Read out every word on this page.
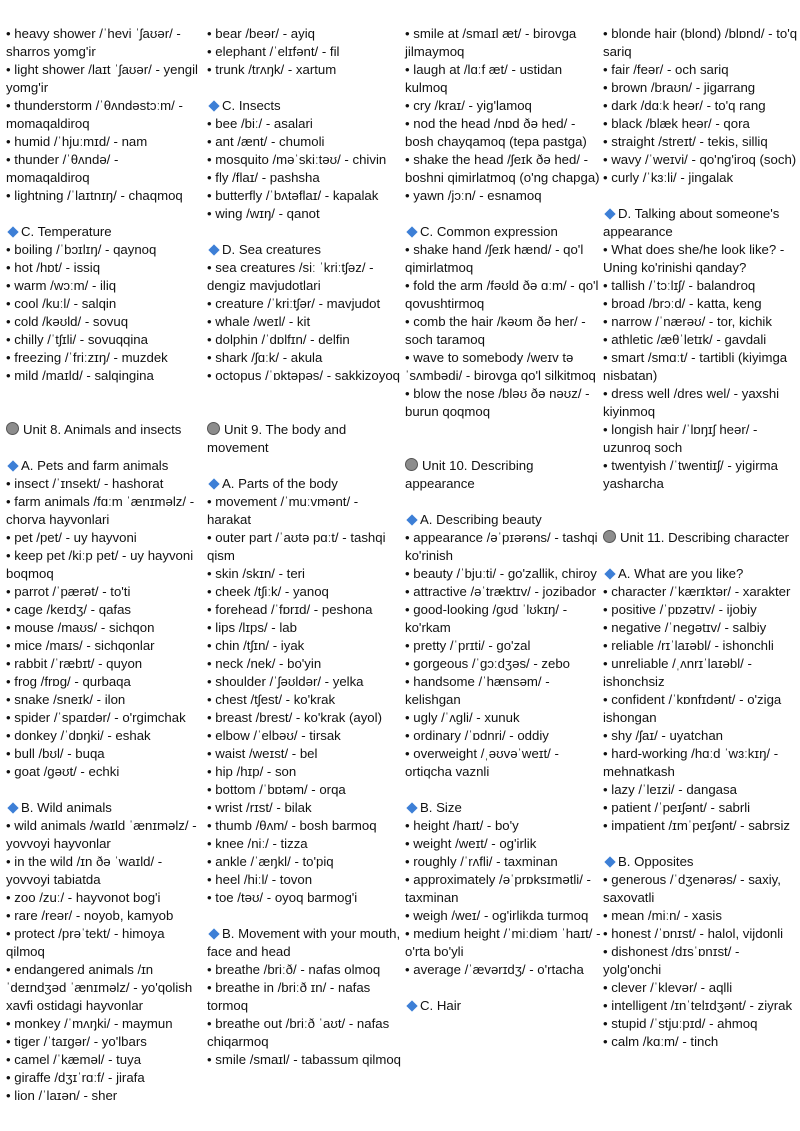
• heavy shower /ˈhevi ˈʃaʊər/ - sharros yomg'ir
• light shower /laɪt ˈʃaʊər/ - yengil yomg'ir
• thunderstorm /ˈθʌndəstɔːm/ - momaqaldiroq
• humid /ˈhjuːmɪd/ - nam
• thunder /ˈθʌndə/ - momaqaldiroq
• lightning /ˈlaɪtnɪŋ/ - chaqmoq
C. Temperature
• boiling /ˈbɔɪlɪŋ/ - qaynoq
• hot /hɒt/ - issiq
• warm /wɔːm/ - iliq
• cool /kuːl/ - salqin
• cold /kəʊld/ - sovuq
• chilly /ˈtʃɪli/ - sovuqqina
• freezing /ˈfriːzɪŋ/ - muzdek
• mild /maɪld/ - salqingina
Unit 8. Animals and insects
A. Pets and farm animals
• insect /ˈɪnsekt/ - hashorat
• farm animals /fɑːm ˈænɪməlz/ - chorva hayvonlari
• pet /pet/ - uy hayvoni
• keep pet /kiːp pet/ - uy hayvoni boqmoq
• parrot /ˈpærət/ - to'ti
• cage /keɪdʒ/ - qafas
• mouse /maʊs/ - sichqon
• mice /maɪs/ - sichqonlar
• rabbit /ˈræbɪt/ - quyon
• frog /frɒg/ - qurbaqa
• snake /sneɪk/ - ilon
• spider /ˈspaɪdər/ - o'rgimchak
• donkey /ˈdɒŋki/ - eshak
• bull /bʊl/ - buqa
• goat /gəʊt/ - echki
B. Wild animals
• wild animals /waɪld ˈænɪməlz/ - yovvoyi hayvonlar
• in the wild /ɪn ðə ˈwaɪld/ - yovvoyi tabiatda
• zoo /zuː/ - hayvonot bog'i
• rare /reər/ - noyob, kamyob
• protect /prəˈtekt/ - himoya qilmoq
• endangered animals /ɪn ˈdeɪndʒəd ˈænɪməlz/ - yo'qolish xavfi ostidagi hayvonlar
• monkey /ˈmʌŋki/ - maymun
• tiger /ˈtaɪgər/ - yo'lbars
• camel /ˈkæməl/ - tuya
• giraffe /dʒɪˈrɑːf/ - jirafa
• lion /ˈlaɪən/ - sher
• bear /beər/ - ayiq
• elephant /ˈelɪfənt/ - fil
• trunk /trʌŋk/ - xartum
C. Insects
• bee /biː/ - asalari
• ant /ænt/ - chumoli
• mosquito /məˈskiːtəʊ/ - chivin
• fly /flaɪ/ - pashsha
• butterfly /ˈbʌtəflaɪ/ - kapalak
• wing /wɪŋ/ - qanot
D. Sea creatures
• sea creatures /siː ˈkriːtʃəz/ - dengiz mavjudotlari
• creature /ˈkriːtʃər/ - mavjudot
• whale /weɪl/ - kit
• dolphin /ˈdɒlfɪn/ - delfin
• shark /ʃɑːk/ - akula
• octopus /ˈɒktəpəs/ - sakkizoyoq
Unit 9. The body and movement
A. Parts of the body
• movement /ˈmuːvmənt/ - harakat
• outer part /ˈaʊtə pɑːt/ - tashqi qism
• skin /skɪn/ - teri
• cheek /tʃiːk/ - yanoq
• forehead /ˈfɒrɪd/ - peshona
• lips /lɪps/ - lab
• chin /tʃɪn/ - iyak
• neck /nek/ - bo'yin
• shoulder /ˈʃəʊldər/ - yelka
• chest /tʃest/ - ko'krak
• breast /brest/ - ko'krak (ayol)
• elbow /ˈelbəʊ/ - tirsak
• waist /weɪst/ - bel
• hip /hɪp/ - son
• bottom /ˈbɒtəm/ - orqa
• wrist /rɪst/ - bilak
• thumb /θʌm/ - bosh barmoq
• knee /niː/ - tizza
• ankle /ˈæŋkl/ - to'piq
• heel /hiːl/ - tovon
• toe /təʊ/ - oyoq barmog'i
B. Movement with your mouth, face and head
• breathe /briːð/ - nafas olmoq
• breathe in /briːð ɪn/ - nafas tormoq
• breathe out /briːð ˈaʊt/ - nafas chiqarmoq
• smile /smaɪl/ - tabassum qilmoq
• smile at /smaɪl æt/ - birovga jilmaymoq
• laugh at /lɑːf æt/ - ustidan kulmoq
• cry /kraɪ/ - yig'lamoq
• nod the head /nɒd ðə hed/ - bosh chayqamoq (tepa pastga)
• shake the head /ʃeɪk ðə hed/ - boshni qimirlatmoq (o'ng chapga)
• yawn /jɔːn/ - esnamoq
C. Common expression
• shake hand /ʃeɪk hænd/ - qo'l qimirlatmoq
• fold the arm /fəʊld ðə ɑːm/ - qo'l qovushtirmoq
• comb the hair /kəʊm ðə her/ - soch taramoq
• wave to somebody /weɪv tə ˈsʌmbədi/ - birovga qo'l silkitmoq
• blow the nose /bləʊ ðə nəʊz/ - burun qoqmoq
Unit 10. Describing appearance
A. Describing beauty
• appearance /əˈpɪərəns/ - tashqi ko'rinish
• beauty /ˈbjuːti/ - go'zallik, chiroy
• attractive /əˈtræktɪv/ - jozibador
• good-looking /gʊd ˈlʊkɪŋ/ - ko'rkam
• pretty /ˈprɪti/ - go'zal
• gorgeous /ˈgɔːdʒəs/ - zebo
• handsome /ˈhænsəm/ - kelishgan
• ugly /ˈʌgli/ - xunuk
• ordinary /ˈɒdnri/ - oddiy
• overweight /ˌəʊvəˈweɪt/ - ortiqcha vaznli
B. Size
• height /haɪt/ - bo'y
• weight /weɪt/ - og'irlik
• roughly /ˈrʌfli/ - taxminan
• approximately /əˈprɒksɪmətli/ - taxminan
• weigh /weɪ/ - og'irlikda turmoq
• medium height /ˈmiːdiəm ˈhaɪt/ - o'rta bo'yli
• average /ˈævərɪdʒ/ - o'rtacha
C. Hair
• blonde hair (blond) /blɒnd/ - to'q sariq
• fair /feər/ - och sariq
• brown /braʊn/ - jigarrang
• dark /dɑːk heər/ - to'q rang
• black /blæk heər/ - qora
• straight /streɪt/ - tekis, silliq
• wavy /ˈweɪvi/ - qo'ng'iroq (soch)
• curly /ˈkɜːli/ - jingalak
D. Talking about someone's appearance
• What does she/he look like? - Uning ko'rinishi qanday?
• tallish /ˈtɔːlɪʃ/ - balandroq
• broad /brɔːd/ - katta, keng
• narrow /ˈnærəʊ/ - tor, kichik
• athletic /æθˈletɪk/ - gavdali
• smart /smɑːt/ - tartibli (kiyimga nisbatan)
• dress well /dres wel/ - yaxshi kiyinmoq
• longish hair /ˈlɒŋɪʃ heər/ - uzunroq soch
• twentyish /ˈtwentiɪʃ/ - yigirma yasharcha
Unit 11. Describing character
A. What are you like?
• character /ˈkærɪktər/ - xarakter
• positive /ˈpɒzətɪv/ - ijobiy
• negative /ˈnegətɪv/ - salbiy
• reliable /rɪˈlaɪəbl/ - ishonchli
• unreliable /ˌʌnrɪˈlaɪəbl/ - ishonchsiz
• confident /ˈkɒnfɪdənt/ - o'ziga ishongan
• shy /ʃaɪ/ - uyatchan
• hard-working /hɑːd ˈwɜːkɪŋ/ - mehnatkash
• lazy /ˈleɪzi/ - dangasa
• patient /ˈpeɪʃənt/ - sabrli
• impatient /ɪmˈpeɪʃənt/ - sabrsiz
B. Opposites
• generous /ˈdʒenərəs/ - saxiy, saxovatli
• mean /miːn/ - xasis
• honest /ˈɒnɪst/ - halol, vijdonli
• dishonest /dɪsˈɒnɪst/ - yolg'onchi
• clever /ˈklevər/ - aqlli
• intelligent /ɪnˈtelɪdʒənt/ - ziyrak
• stupid /ˈstjuːpɪd/ - ahmoq
• calm /kɑːm/ - tinch
